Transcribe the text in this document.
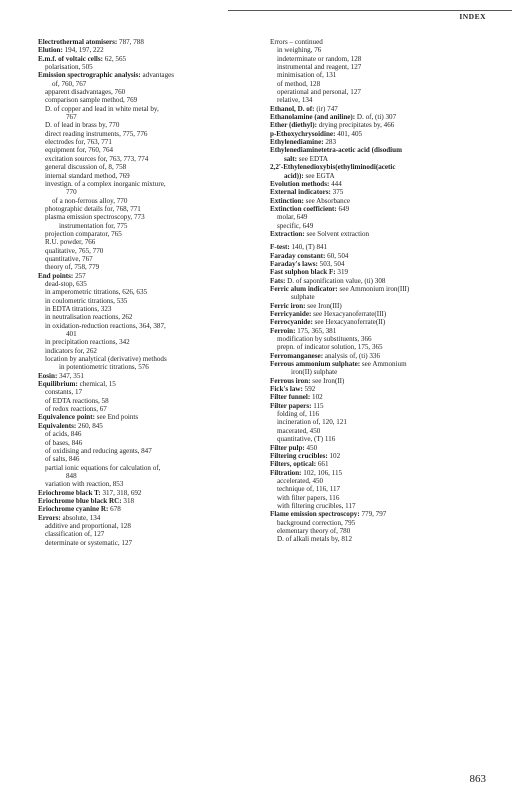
INDEX
Electrothermal atomisers: 787, 788
Elution: 194, 197, 222
E.m.f. of voltaic cells: 62, 565
polarisation, 505
Emission spectrographic analysis: advantages
of, 760, 767
apparent disadvantages, 760
comparison sample method, 769
D. of copper and lead in white metal by,
767
D. of lead in brass by, 770
direct reading instruments, 775, 776
electrodes for, 763, 771
equipment for, 760, 764
excitation sources for, 763, 773, 774
general discussion of, 8, 758
internal standard method, 769
investign. of a complex inorganic mixture,
770
of a non-ferrous alloy, 770
photographic details for, 768, 771
plasma emission spectroscopy, 773
instrumentation for, 775
projection comparator, 765
R.U. powder, 766
qualitative, 765, 770
quantitative, 767
theory of, 758, 779
End points: 257
dead-stop, 635
in amperometric titrations, 626, 635
in coulometric titrations, 535
in EDTA titrations, 323
in neutralisation reactions, 262
in oxidation-reduction reactions, 364, 387,
401
in precipitation reactions, 342
indicators for, 262
location by analytical (derivative) methods
in potentiometric titrations, 576
Eosin: 347, 351
Equilibrium: chemical, 15
constants, 17
of EDTA reactions, 58
of redox reactions, 67
Equivalence point: see End points
Equivalents: 260, 845
of acids, 846
of bases, 846
of oxidising and reducing agents, 847
of salts, 846
partial ionic equations for calculation of,
848
variation with reaction, 853
Eriochrome black T: 317, 318, 692
Eriochrome blue black RC: 318
Eriochrome cyanine R: 678
Errors: absolute, 134
additive and proportional, 128
classification of, 127
determinate or systematic, 127
Errors – continued
in weighing, 76
indeterminate or random, 128
instrumental and reagent, 127
minimisation of, 131
of method, 128
operational and personal, 127
relative, 134
Ethanol, D. of: (ir) 747
Ethanolamine (and aniline): D. of, (ti) 307
Ether (diethyl): drying precipitates by, 466
p-Ethoxychrysoidine: 401, 405
Ethylenediamine: 283
Ethylenediaminetetra-acetic acid (disodium
salt: see EDTA
2,2'-Ethylenedioxybis(ethyliminodi(acetic
acid)): see EGTA
Evolution methods: 444
External indicators: 375
Extinction: see Absorbance
Extinction coefficient: 649
molar, 649
specific, 649
Extraction: see Solvent extraction
F-test: 140, (T) 841
Faraday constant: 60, 504
Faraday's laws: 503, 504
Fast sulphon black F: 319
Fats: D. of saponification value, (ti) 308
Ferric alum indicator: see Ammonium iron(III)
sulphate
Ferric iron: see Iron(III)
Ferricyanide: see Hexacyanoferrate(III)
Ferrocyanide: see Hexacyanoferrate(II)
Ferroin: 175, 365, 381
modification by substituents, 366
prepn. of indicator solution, 175, 365
Ferromanganese: analysis of, (ti) 336
Ferrous ammonium sulphate: see Ammonium
iron(II) sulphate
Ferrous iron: see Iron(II)
Fick's law: 592
Filter funnel: 102
Filter papers: 115
folding of, 116
incineration of, 120, 121
macerated, 450
quantitative, (T) 116
Filter pulp: 450
Filtering crucibles: 102
Filters, optical: 661
Filtration: 102, 106, 115
accelerated, 450
technique of, 116, 117
with filter papers, 116
with filtering crucibles, 117
Flame emission spectroscopy: 779, 797
background correction, 795
elementary theory of, 780
D. of alkali metals by, 812
863
